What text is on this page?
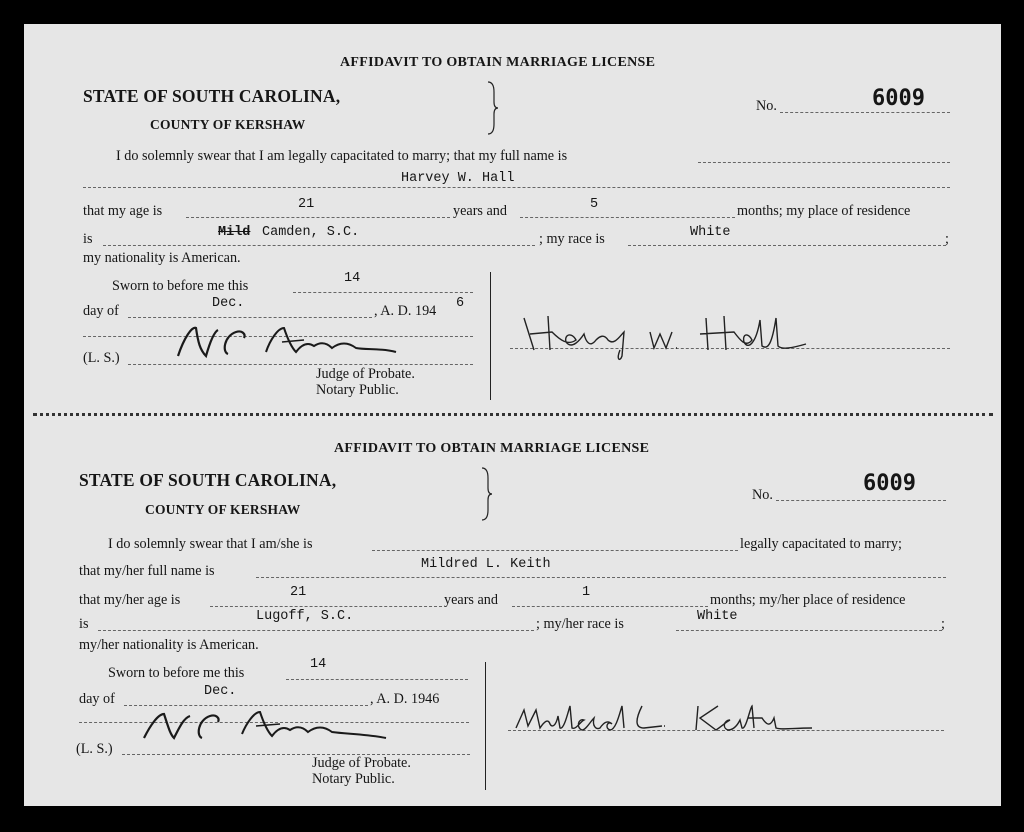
AFFIDAVIT TO OBTAIN MARRIAGE LICENSE
STATE OF SOUTH CAROLINA,
COUNTY OF KERSHAW
No.	6009
I do solemnly swear that I am legally capacitated to marry; that my full name is
Harvey W. Hall
that my age is	21	years and	5	months; my place of residence
is	Mild Camden, S.C.	; my race is	White	;
my nationality is American.
Sworn to before me this	14
day of	Dec.	, A. D. 194 6
(L. S.)
Judge of Probate.
Notary Public.
AFFIDAVIT TO OBTAIN MARRIAGE LICENSE
STATE OF SOUTH CAROLINA,
COUNTY OF KERSHAW
No.	6009
I do solemnly swear that I am/she is	legally capacitated to marry;
that my/her full name is	Mildred L. Keith
that my/her age is	21	years and	1	months; my/her place of residence
is	Lugoff, S.C.	; my/her race is	White	;
my/her nationality is American.
Sworn to before me this
14
day of	Dec.	, A. D. 1946
(L. S.)
Judge of Probate.
Notary Public.
